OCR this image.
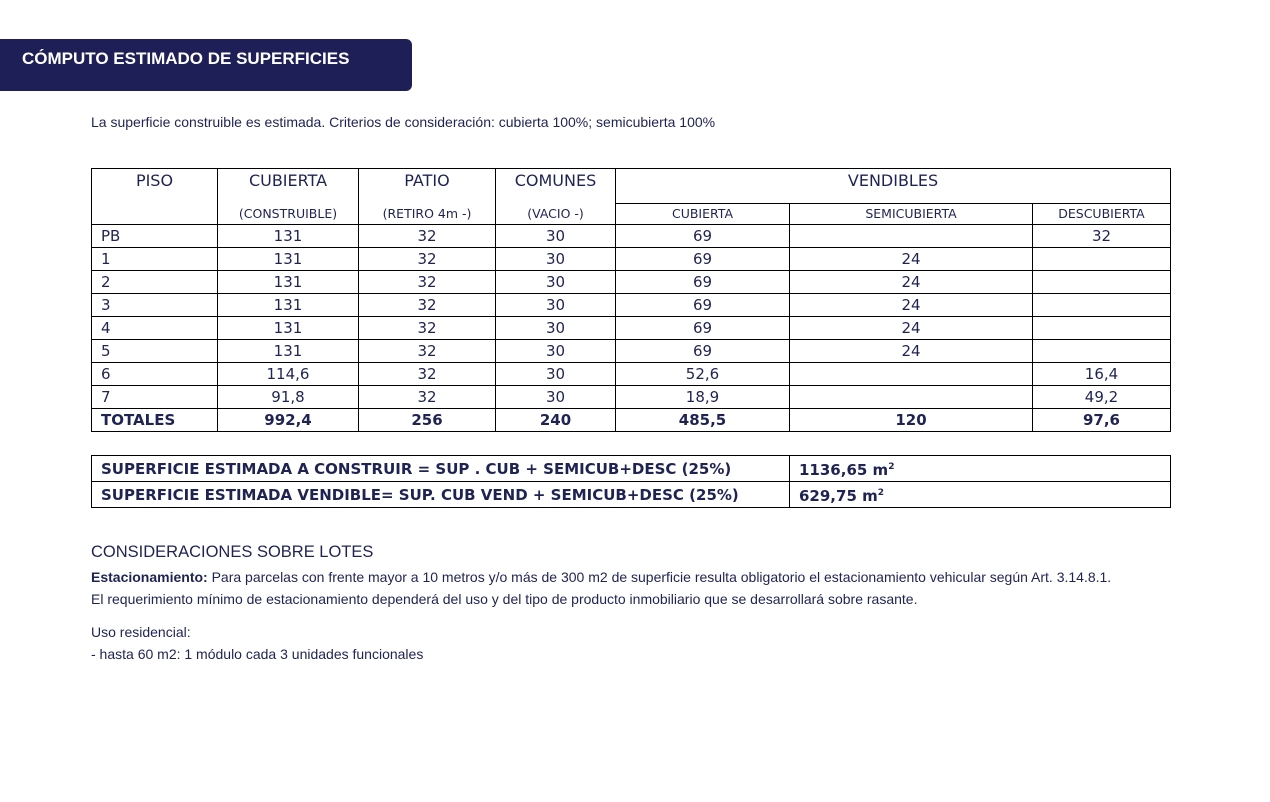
CÓMPUTO ESTIMADO DE SUPERFICIES
La superficie construible es estimada. Criterios de consideración: cubierta 100%; semicubierta 100%
PISO	CUBIERTA	PATIO	COMUNES	VENDIBLES		
	(CONSTRUIBLE)	(RETIRO 4m -)	(VACIO -)	CUBIERTA	SEMICUBIERTA	DESCUBIERTA
PB	131	32	30	69		32
1	131	32	30	69	24	
2	131	32	30	69	24	
3	131	32	30	69	24	
4	131	32	30	69	24	
5	131	32	30	69	24	
6	114,6	32	30	52,6		16,4
7	91,8	32	30	18,9		49,2
TOTALES	992,4	256	240	485,5	120	97,6
SUPERFICIE ESTIMADA A CONSTRUIR = SUP . CUB + SEMICUB+DESC (25%)	1136,65 $m^2$
SUPERFICIE ESTIMADA VENDIBLE= SUP. CUB VEND + SEMICUB+DESC (25%)	629,75 $m^2$
CONSIDERACIONES SOBRE LOTES

Estacionamiento: Para parcelas con frente mayor a 10 metros y/o más de 300 m2 de superficie resulta obligatorio el estacionamiento vehicular según Art. 3.14.8.1.

El requerimiento mínimo de estacionamiento dependerá del uso y del tipo de producto inmobiliario que se desarrollará sobre rasante.

Uso residencial:

- hasta 60 m2: 1 módulo cada 3 unidades funcionales
